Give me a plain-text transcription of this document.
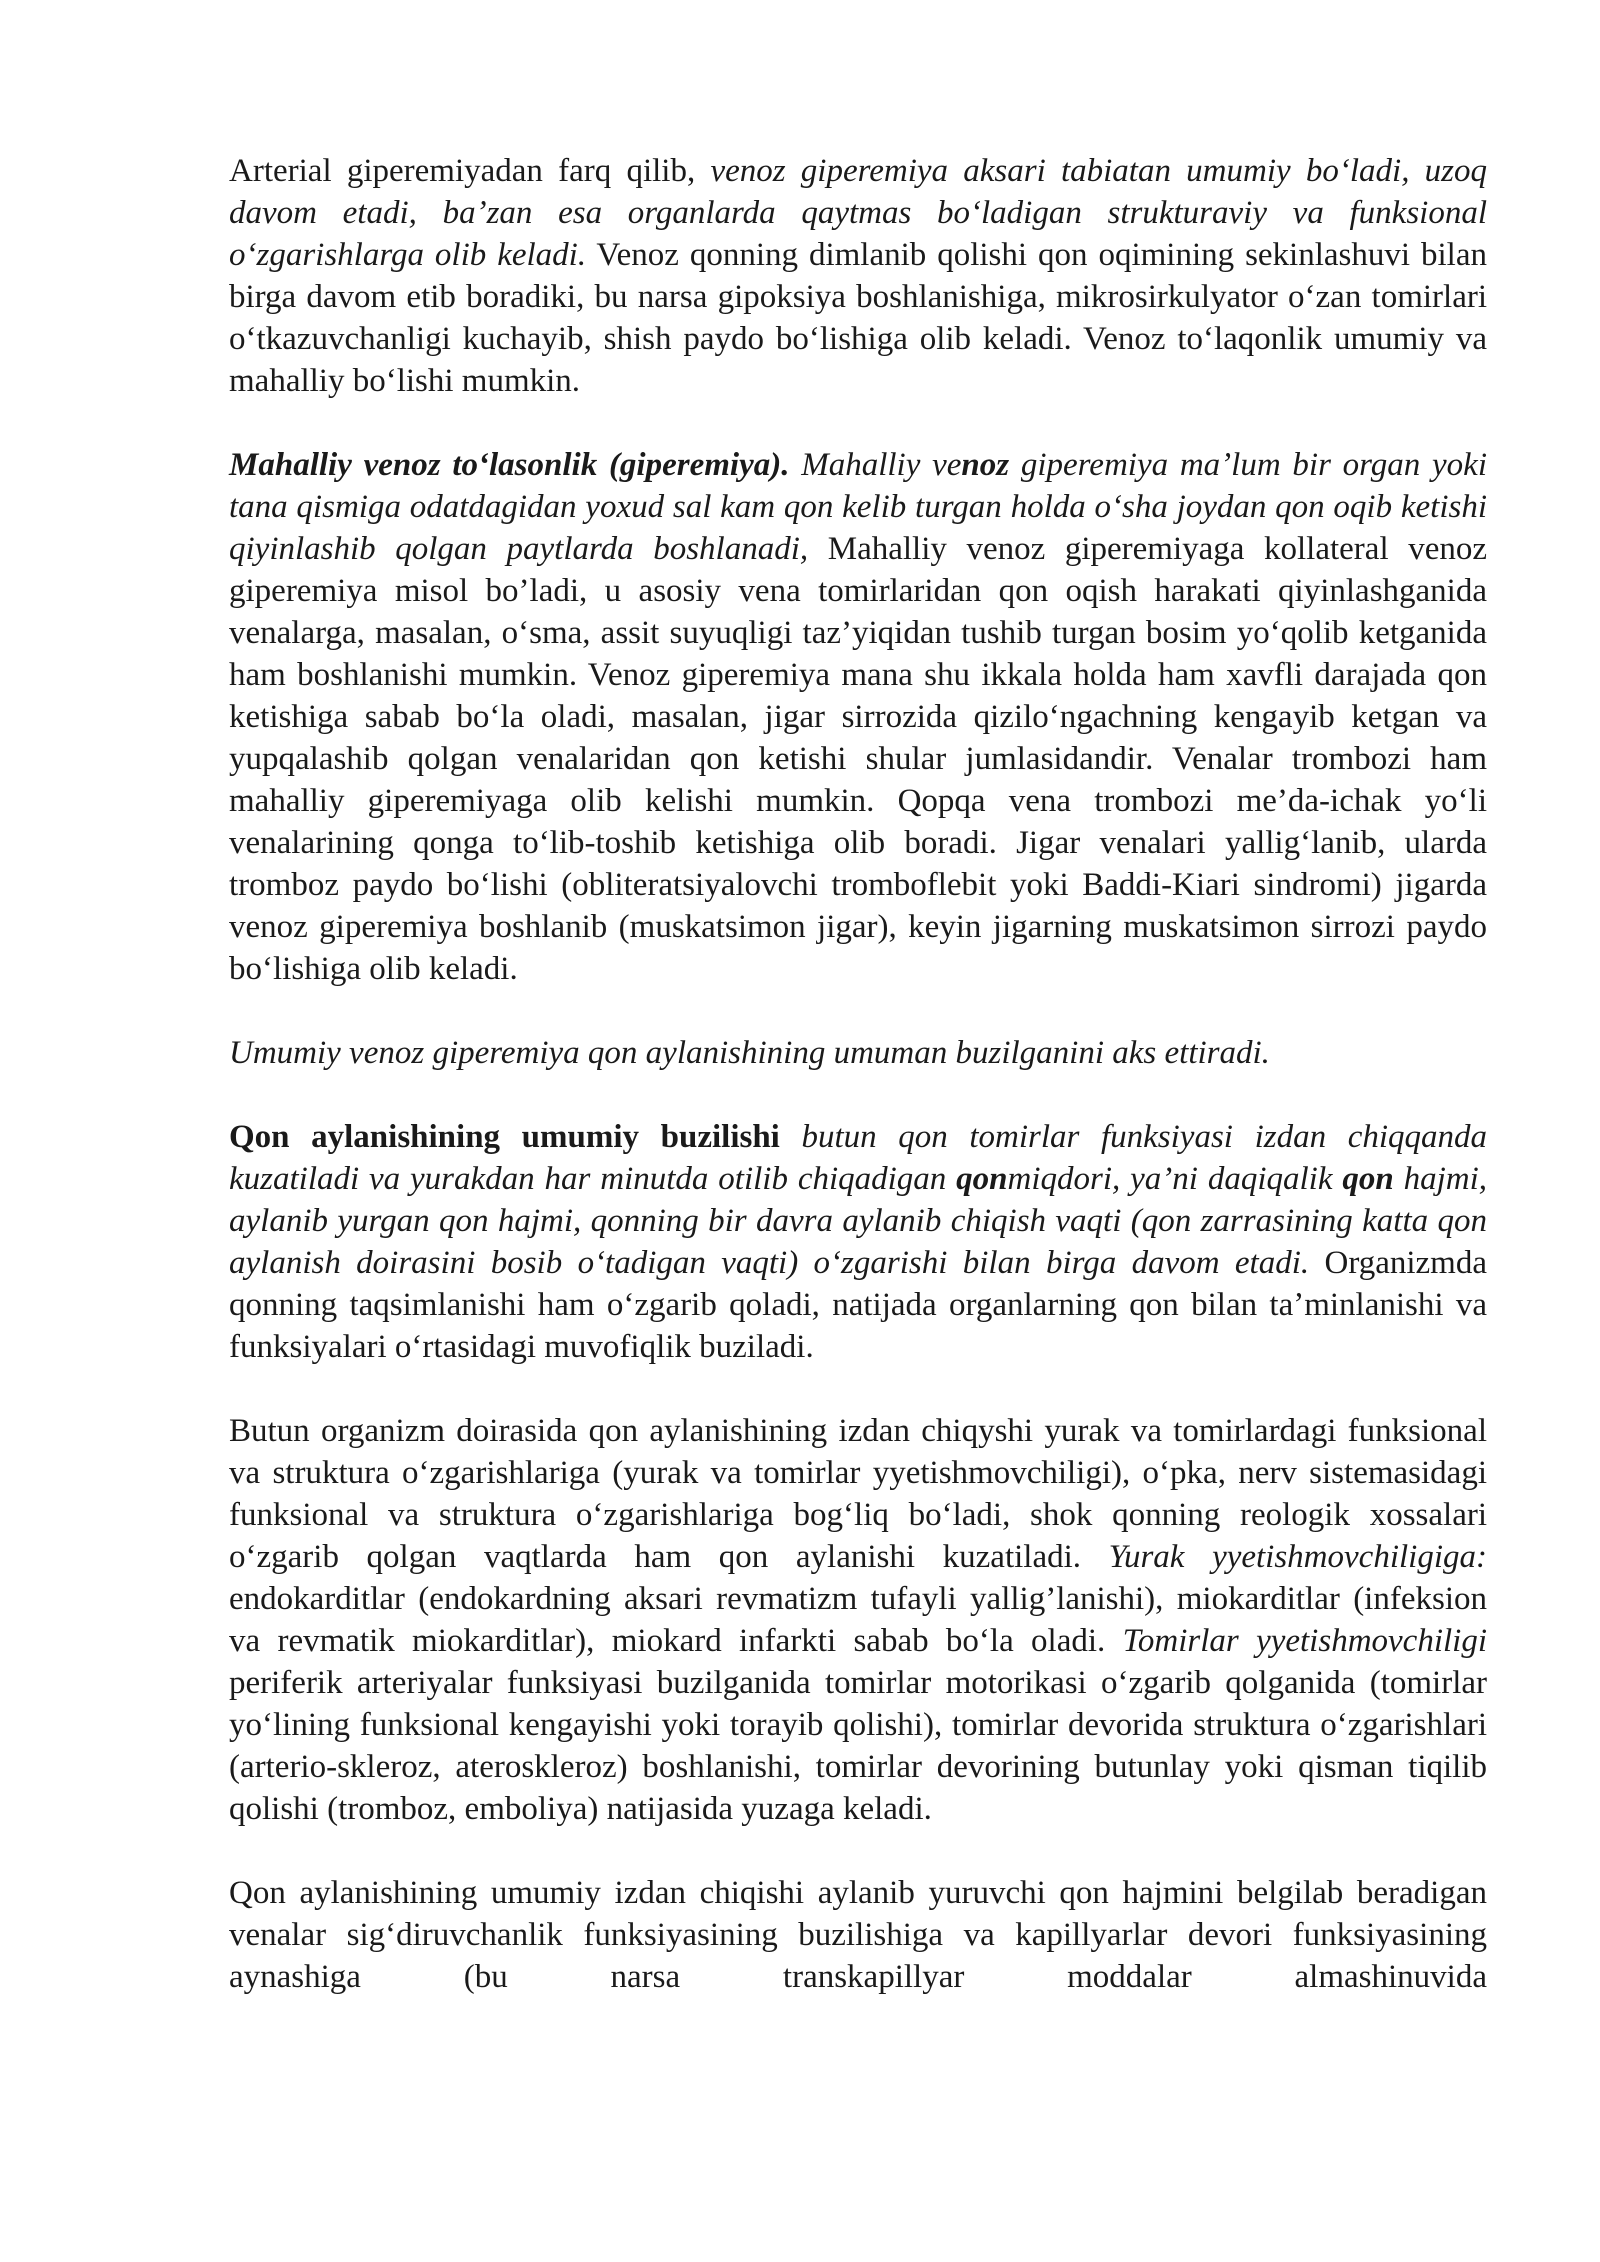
Arterial giperemiyadan farq qilib, venoz giperemiya aksari tabiatan umumiy boʻladi, uzoq davom etadi, baʼzan esa organlarda qaytmas boʻladigan strukturaviy va funksional oʻzgarishlarga olib keladi. Venoz qonning dimlanib qolishi qon oqimining sekinlashuvi bilan birga davom etib boradiki, bu narsa gipoksiya boshlanishiga, mikrosirkulyator oʻzan tomirlari oʻtkazuvchanligi kuchayib, shish paydo boʻlishiga olib keladi. Venoz toʻlaqonlik umumiy va mahalliy boʻlishi mumkin.

Mahalliy venoz toʻlasonlik (giperemiya). Mahalliy venoz giperemiya maʼlum bir organ yoki tana qismiga odatdagidan yoxud sal kam qon kelib turgan holda oʻsha joydan qon oqib ketishi qiyinlashib qolgan paytlarda boshlanadi, Mahalliy venoz giperemiyaga kollateral venoz giperemiya misol bo’ladi, u asosiy vena tomirlaridan qon oqish harakati qiyinlashganida venalarga, masalan, oʻsma, assit suyuqligi taz’yiqidan tushib turgan bosim yoʻqolib ketganida ham boshlanishi mumkin. Venoz giperemiya mana shu ikkala holda ham xavfli darajada qon ketishiga sabab boʻla oladi, masalan, jigar sirrozida qiziloʻngachning kengayib ketgan va yupqalashib qolgan venalaridan qon ketishi shular jumlasidandir. Venalar trombozi ham mahalliy giperemiyaga olib kelishi mumkin. Qopqa vena trombozi me’da-ichak yoʻli venalarining qonga toʻlib-toshib ketishiga olib boradi. Jigar venalari yalligʻlanib, ularda tromboz paydo boʻlishi (obliteratsiyalovchi tromboflebit yoki Baddi-Kiari sindromi) jigarda venoz giperemiya boshlanib (muskatsimon jigar), keyin jigarning muskatsimon sirrozi paydo boʻlishiga olib keladi.

Umumiy venoz giperemiya qon aylanishining umuman buzilganini aks ettiradi.

Qon aylanishining umumiy buzilishi butun qon tomirlar funksiyasi izdan chiqqanda kuzatiladi va yurakdan har minutda otilib chiqadigan qonmiqdori, ya’ni daqiqalik qon hajmi, aylanib yurgan qon hajmi, qonning bir davra aylanib chiqish vaqti (qon zarrasining katta qon aylanish doirasini bosib oʻtadigan vaqti) oʻzgarishi bilan birga davom etadi. Organizmda qonning taqsimlanishi ham oʻzgarib qoladi, natijada organlarning qon bilan taʼminlanishi va funksiyalari oʻrtasidagi muvofiqlik buziladi.

Butun organizm doirasida qon aylanishining izdan chiqyshi yurak va tomirlardagi funksional va struktura oʻzgarishlariga (yurak va tomirlar yyetishmovchiligi), oʻpka, nerv sistemasidagi funksional va struktura oʻzgarishlariga bogʻliq boʻladi, shok qonning reologik xossalari oʻzgarib qolgan vaqtlarda ham qon aylanishi kuzatiladi. Yurak yyetishmovchiligiga: endokarditlar (endokardning aksari revmatizm tufayli yallig’lanishi), miokarditlar (infeksion va revmatik miokarditlar), miokard infarkti sabab boʻla oladi. Tomirlar yyetishmovchiligi periferik arteriyalar funksiyasi buzilganida tomirlar motorikasi oʻzgarib qolganida (tomirlar yoʻlining funksional kengayishi yoki torayib qolishi), tomirlar devorida struktura oʻzgarishlari (arterio-skleroz, ateroskleroz) boshlanishi, tomirlar devorining butunlay yoki qisman tiqilib qolishi (tromboz, emboliya) natijasida yuzaga keladi.

Qon aylanishining umumiy izdan chiqishi aylanib yuruvchi qon hajmini belgilab beradigan venalar sigʻdiruvchanlik funksiyasining buzilishiga va kapillyarlar devori funksiyasining aynashiga (bu narsa transkapillyar moddalar almashinuvida
